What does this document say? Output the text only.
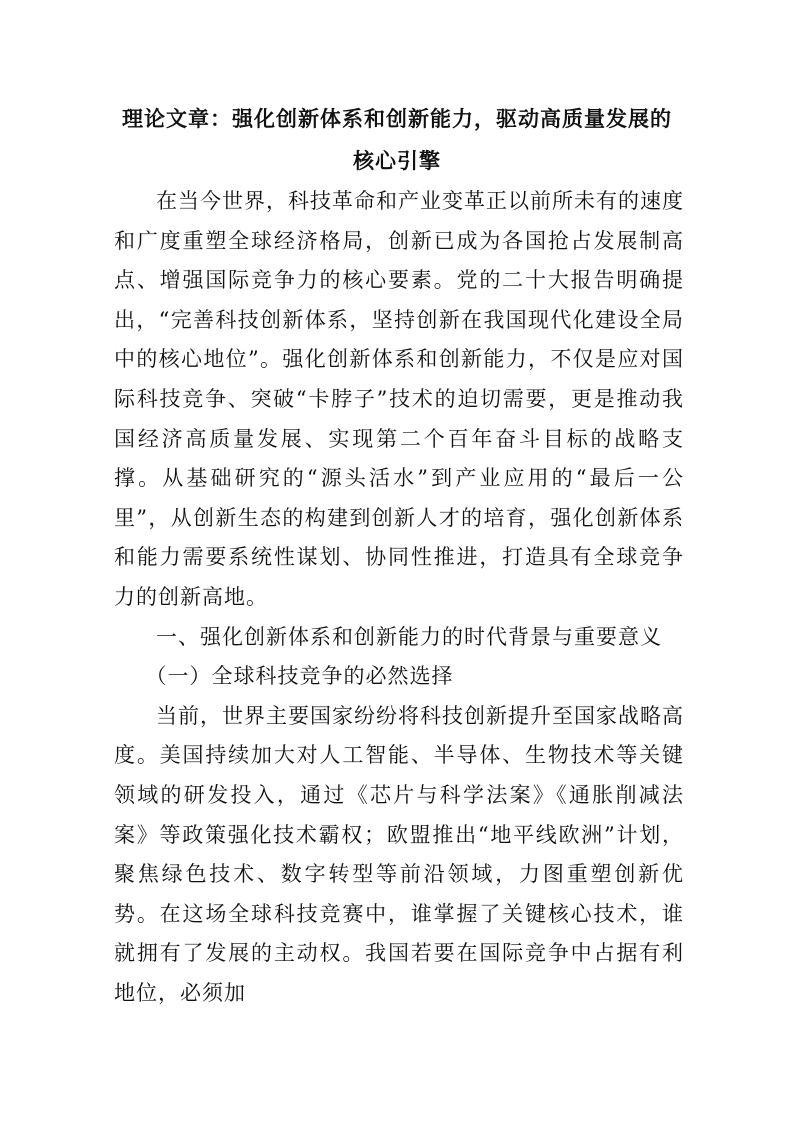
理论文章：强化创新体系和创新能力，驱动高质量发展的核心引擎

在当今世界，科技革命和产业变革正以前所未有的速度和广度重塑全球经济格局，创新已成为各国抢占发展制高点、增强国际竞争力的核心要素。党的二十大报告明确提出，“完善科技创新体系，坚持创新在我国现代化建设全局中的核心地位”。强化创新体系和创新能力，不仅是应对国际科技竞争、突破“卡脖子”技术的迫切需要，更是推动我国经济高质量发展、实现第二个百年奋斗目标的战略支撑。从基础研究的“源头活水”到产业应用的“最后一公里”，从创新生态的构建到创新人才的培育，强化创新体系和能力需要系统性谋划、协同性推进，打造具有全球竞争力的创新高地。

一、强化创新体系和创新能力的时代背景与重要意义

（一）全球科技竞争的必然选择

当前，世界主要国家纷纷将科技创新提升至国家战略高度。美国持续加大对人工智能、半导体、生物技术等关键领域的研发投入，通过《芯片与科学法案》《通胀削减法案》等政策强化技术霸权；欧盟推出“地平线欧洲”计划，聚焦绿色技术、数字转型等前沿领域，力图重塑创新优势。在这场全球科技竞赛中，谁掌握了关键核心技术，谁就拥有了发展的主动权。我国若要在国际竞争中占据有利地位，必须加
